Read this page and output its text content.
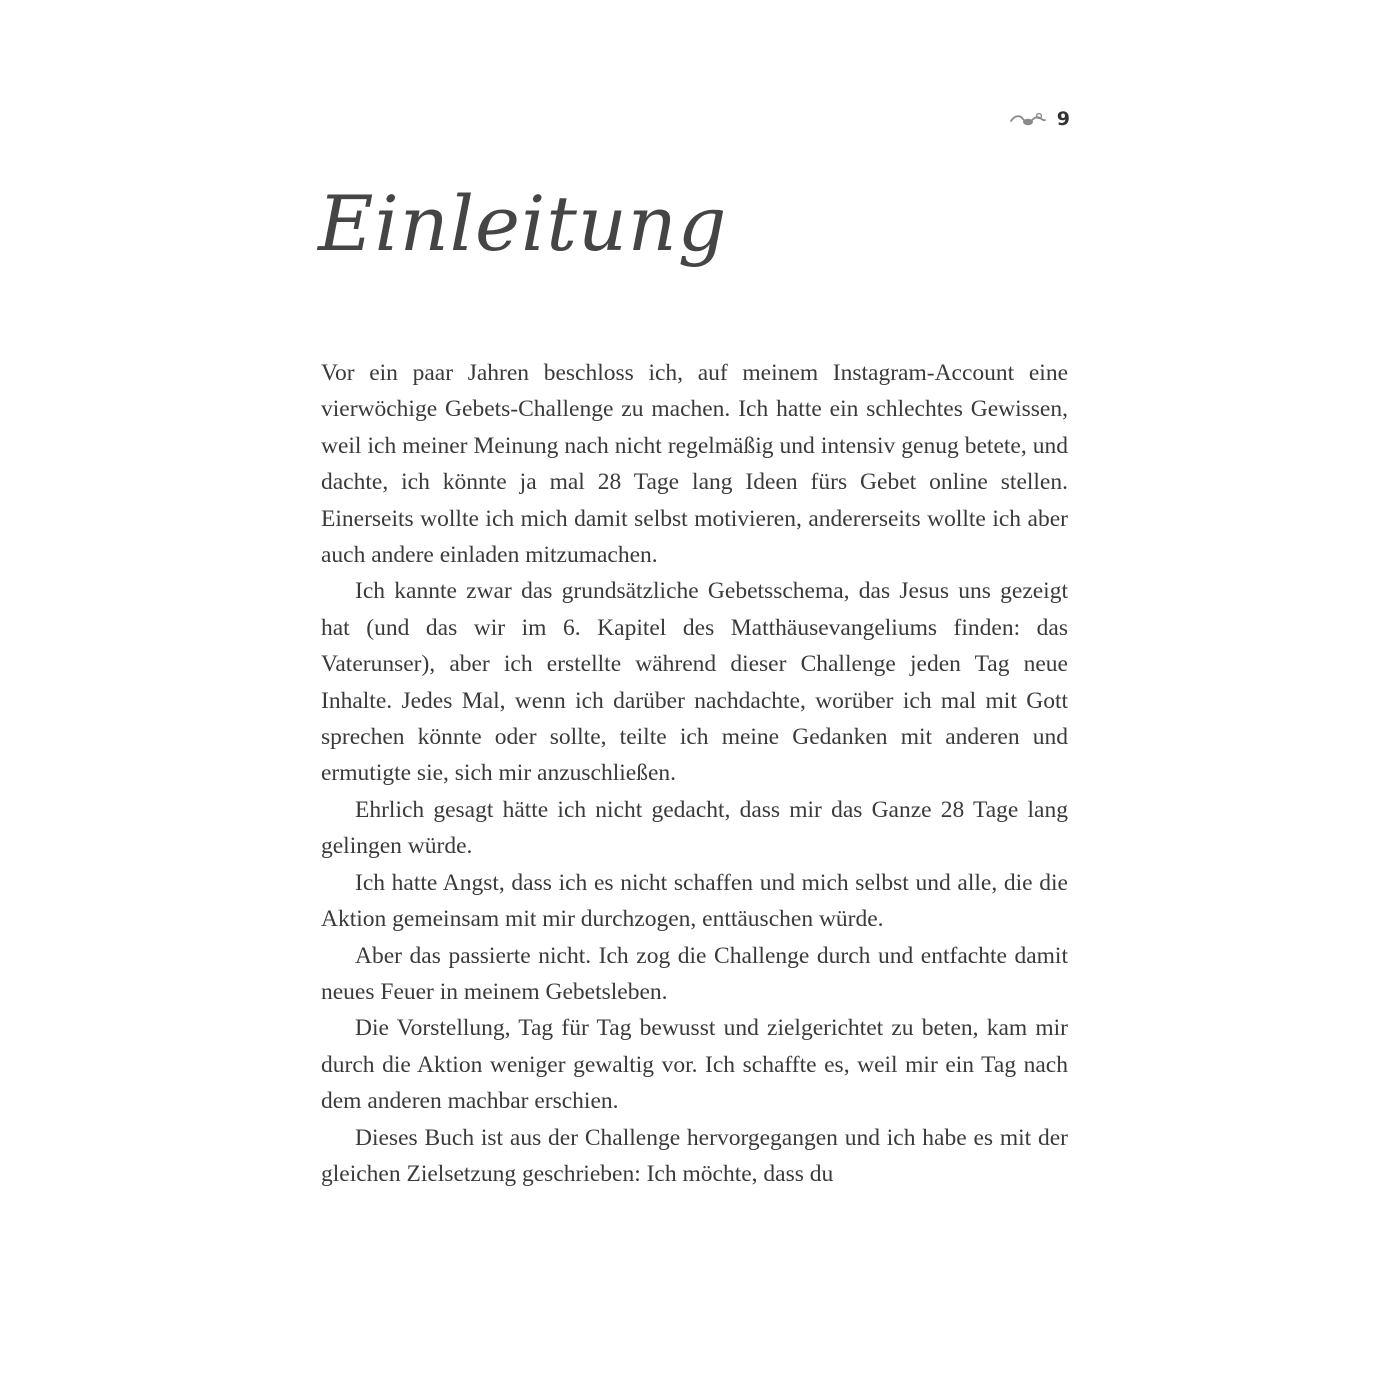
9
Einleitung

Vor ein paar Jahren beschloss ich, auf meinem Instagram-Account eine vierwöchige Gebets-Challenge zu machen. Ich hatte ein schlechtes Gewissen, weil ich meiner Meinung nach nicht regelmäßig und intensiv genug betete, und dachte, ich könnte ja mal 28 Tage lang Ideen fürs Gebet online stellen. Einerseits wollte ich mich damit selbst motivieren, andererseits wollte ich aber auch andere einladen mitzumachen.

Ich kannte zwar das grundsätzliche Gebetsschema, das Jesus uns gezeigt hat (und das wir im 6. Kapitel des Matthäusevangeliums finden: das Vaterunser), aber ich erstellte während dieser Challenge jeden Tag neue Inhalte. Jedes Mal, wenn ich darüber nachdachte, worüber ich mal mit Gott sprechen könnte oder sollte, teilte ich meine Gedanken mit anderen und ermutigte sie, sich mir anzuschließen.

Ehrlich gesagt hätte ich nicht gedacht, dass mir das Ganze 28 Tage lang gelingen würde.

Ich hatte Angst, dass ich es nicht schaffen und mich selbst und alle, die die Aktion gemeinsam mit mir durchzogen, enttäuschen würde.

Aber das passierte nicht. Ich zog die Challenge durch und entfachte damit neues Feuer in meinem Gebetsleben.

Die Vorstellung, Tag für Tag bewusst und zielgerichtet zu beten, kam mir durch die Aktion weniger gewaltig vor. Ich schaffte es, weil mir ein Tag nach dem anderen machbar erschien.

Dieses Buch ist aus der Challenge hervorgegangen und ich habe es mit der gleichen Zielsetzung geschrieben: Ich möchte, dass du
